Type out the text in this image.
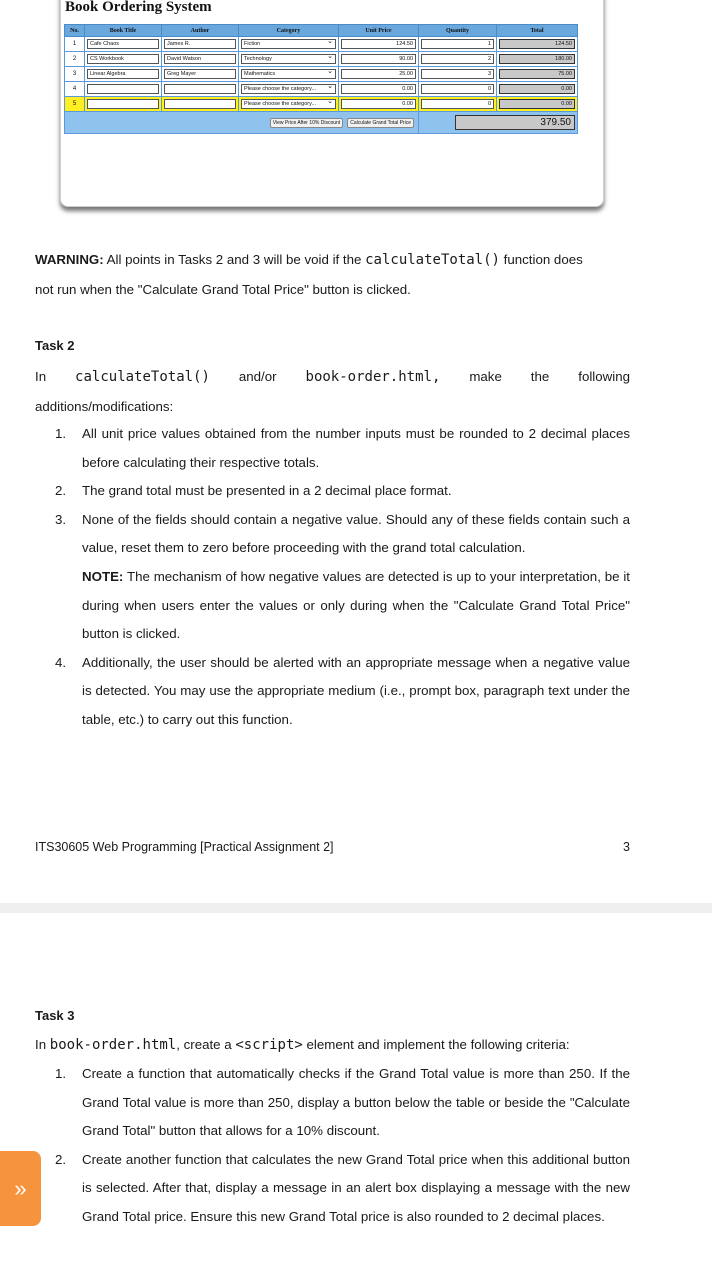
Book Ordering System
No.	Book Title	Author	Category	Unit Price	Quantity	Total
1	Cafe Chaos	James R.	Fiction ⌄	124.50	1	124.50

2	CS Workbook	David Watson	Technology ⌄	90.00	2	180.00

3	Linear Algebra	Greg Mayer	Mathematics ⌄	25.00	3	75.00

4			Please choose the category... ⌄	0.00	0	0.00

5			Please choose the category... ⌄	0.00	0	0.00

View Price After 10% Discount Calculate Grand Total Price					379.50	
WARNING: All points in Tasks 2 and 3 will be void if the calculateTotal() function does
not run when the "Calculate Grand Total Price" button is clicked.
Task 2
In calculateTotal() and/or book-order.html, make the following
additions/modifications:
1. All unit price values obtained from the number inputs must be rounded to 2 decimal places before calculating their respective totals.
2. The grand total must be presented in a 2 decimal place format.
3. None of the fields should contain a negative value. Should any of these fields contain such a value, reset them to zero before proceeding with the grand total calculation.
NOTE: The mechanism of how negative values are detected is up to your interpretation, be it during when users enter the values or only during when the "Calculate Grand Total Price" button is clicked.
4. Additionally, the user should be alerted with an appropriate message when a negative value is detected. You may use the appropriate medium (i.e., prompt box, paragraph text under the table, etc.) to carry out this function.
ITS30605 Web Programming [Practical Assignment 2]	3
Task 3
In book-order.html, create a <script> element and implement the following criteria:
1. Create a function that automatically checks if the Grand Total value is more than 250. If the Grand Total value is more than 250, display a button below the table or beside the "Calculate Grand Total" button that allows for a 10% discount.
2. Create another function that calculates the new Grand Total price when this additional button is selected. After that, display a message in an alert box displaying a message with the new Grand Total price. Ensure this new Grand Total price is also rounded to 2 decimal places.
»
